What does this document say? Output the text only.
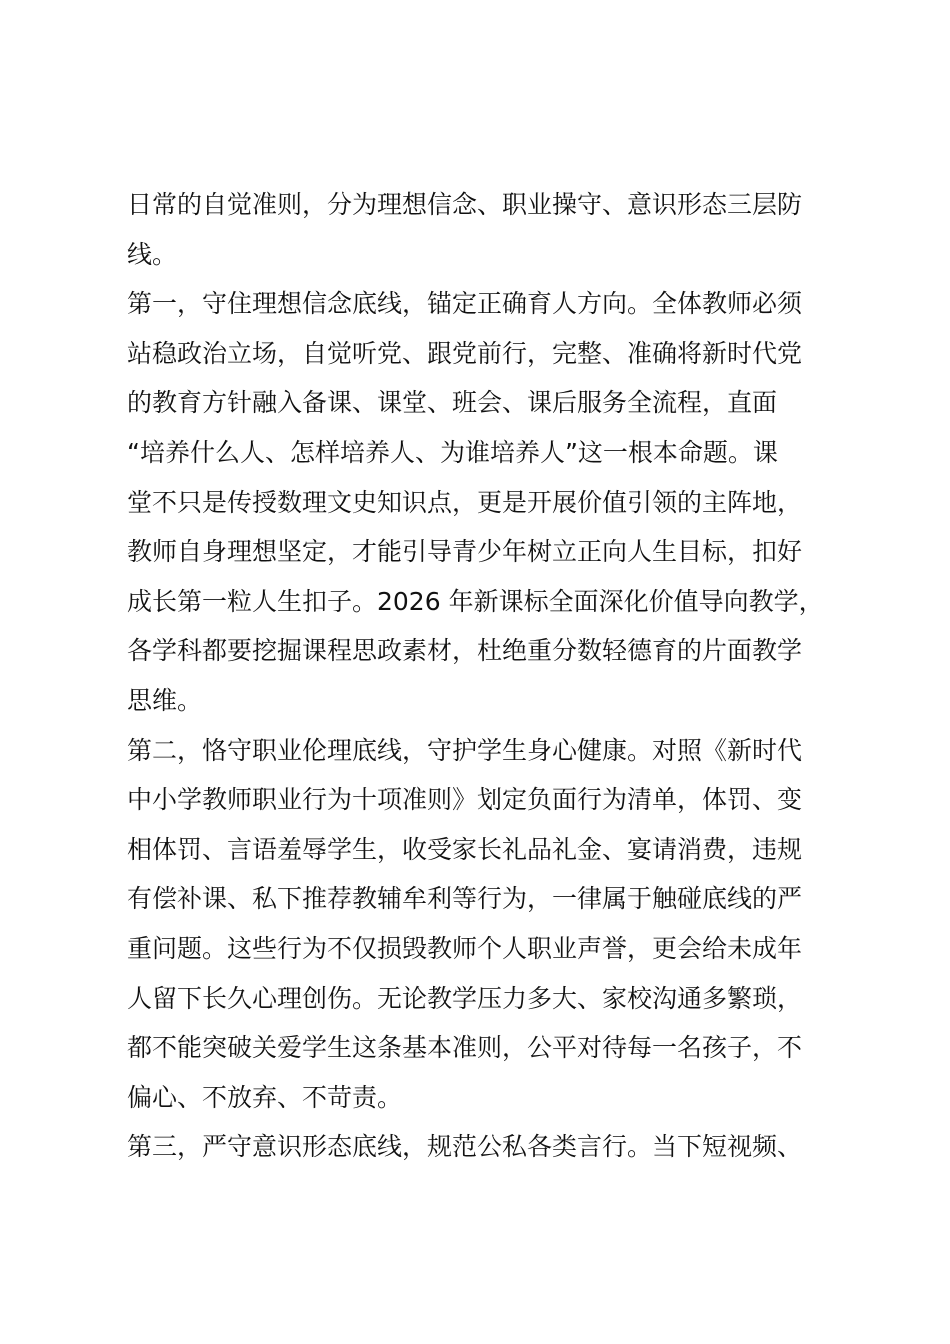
日常的自觉准则，分为理想信念、职业操守、意识形态三层防
线。
第一，守住理想信念底线，锚定正确育人方向。全体教师必须
站稳政治立场，自觉听党、跟党前行，完整、准确将新时代党
的教育方针融入备课、课堂、班会、课后服务全流程，直面
“培养什么人、怎样培养人、为谁培养人”这一根本命题。课
堂不只是传授数理文史知识点，更是开展价值引领的主阵地，
教师自身理想坚定，才能引导青少年树立正向人生目标，扣好
成长第一粒人生扣子。2026 年新课标全面深化价值导向教学，
各学科都要挖掘课程思政素材，杜绝重分数轻德育的片面教学
思维。
第二，恪守职业伦理底线，守护学生身心健康。对照《新时代
中小学教师职业行为十项准则》划定负面行为清单，体罚、变
相体罚、言语羞辱学生，收受家长礼品礼金、宴请消费，违规
有偿补课、私下推荐教辅牟利等行为，一律属于触碰底线的严
重问题。这些行为不仅损毁教师个人职业声誉，更会给未成年
人留下长久心理创伤。无论教学压力多大、家校沟通多繁琐，
都不能突破关爱学生这条基本准则，公平对待每一名孩子，不
偏心、不放弃、不苛责。
第三，严守意识形态底线，规范公私各类言行。当下短视频、
